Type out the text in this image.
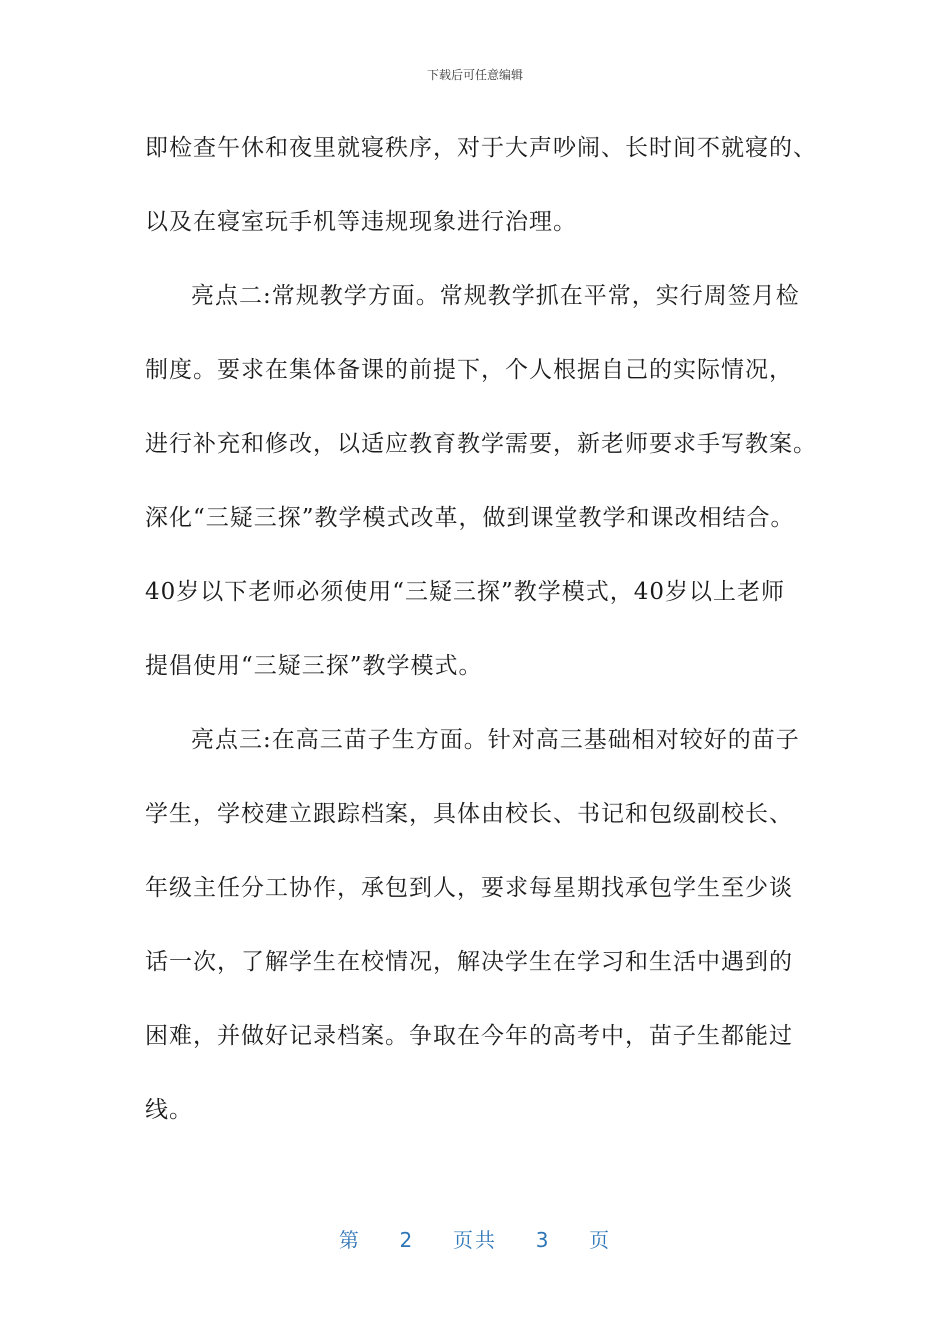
下载后可任意编辑
即检查午休和夜里就寝秩序，对于大声吵闹、长时间不就寝的、
以及在寝室玩手机等违规现象进行治理。
亮点二:常规教学方面。常规教学抓在平常，实行周签月检
制度。要求在集体备课的前提下，个人根据自己的实际情况，
进行补充和修改，以适应教育教学需要，新老师要求手写教案。
深化“三疑三探”教学模式改革，做到课堂教学和课改相结合。
40岁以下老师必须使用“三疑三探”教学模式，40岁以上老师
提倡使用“三疑三探”教学模式。
亮点三:在高三苗子生方面。针对高三基础相对较好的苗子
学生，学校建立跟踪档案，具体由校长、书记和包级副校长、
年级主任分工协作，承包到人，要求每星期找承包学生至少谈
话一次，了解学生在校情况，解决学生在学习和生活中遇到的
困难，并做好记录档案。争取在今年的高考中，苗子生都能过
线。
第 2 页共 3 页
